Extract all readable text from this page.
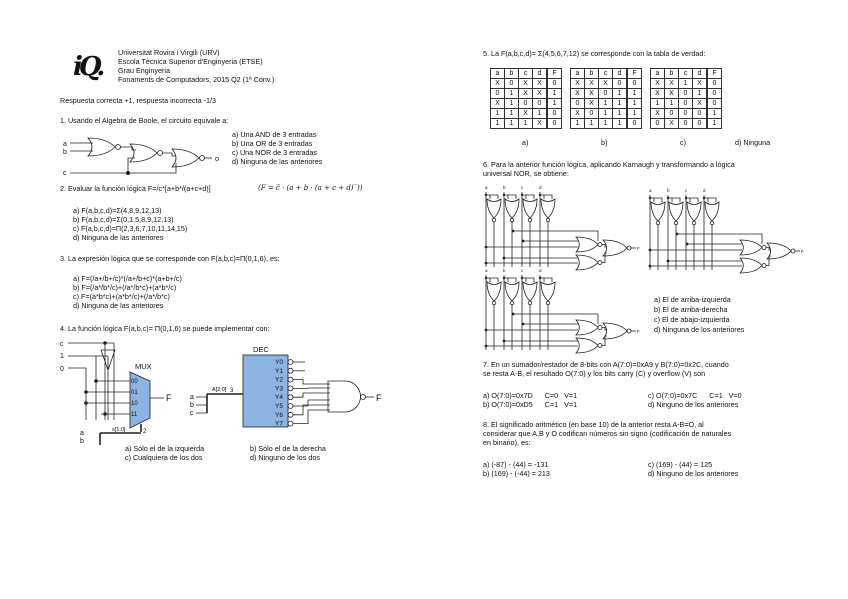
iQ. Universitat Rovira i Virgili (URV)
Escola Tècnica Superior d'Enginyeria (ETSE)
Grau Enginyeria
Fonaments de Computadors, 2015 Q2 (1ª Conv.)
Respuesta correcta +1, respuesta incorrecta -1/3
1. Usando el Algebra de Boole, el circuito equivale a:
a) Una AND de 3 entradas
b) Una OR de 3 entradas
c) Una NOR de 3 entradas
d) Ninguna de las anteriores
2. Evaluar la función lógica F=/c*[a+b*/(a+c+d)]	(F = c̄ · (a + b · (a + c + d)‾))
a) F(a,b,c,d)=Σ(4,8,9,12,13)
b) F(a,b,c,d)=Σ(0,1,5,8,9,12,13)
c) F(a,b,c,d)=Π(2,3,6,7,10,11,14,15)
d) Ninguna de las anteriores
3. La expresión lógica que se corresponde con F(a,b,c)=Π(0,1,6), es:
a) F=(/a+/b+/c)*(/a+/b+c)*(a+b+/c)
b) F=(/a*/b*/c)+(/a*/b*c)+(a*b*/c)
c) F=(a*b*c)+(a*b*/c)+(/a*/b*c)
d) Ninguna de las anteriores
4. La función lógica F(a,b,c)= Π(0,1,6) se puede implementar con:
a) Sólo el de la izquierda	b) Sólo el de la derecha
c) Cualquiera de los dos	d) Ninguno de los dos
5. La F(a,b,c,d)= Σ(4,5,6,7,12) se corresponde con la tabla de verdad:
a	b	c	d	F
X	0	X	X	0
0	1	X	X	1
X	1	0	0	1
1	1	X	1	0
1	1	1	X	0
a	b	c	d	F
X	X	X	0	0
X	X	0	1	1
0	X	1	1	1
X	0	1	1	1
1	1	1	1	0
a	b	c	d	F
X	X	1	X	0
X	X	0	1	0
1	1	0	X	0
X	0	0	0	1
0	X	0	0	1
a)	b)	c)	d) Ninguna
6. Para la anterior función lógica, aplicando Karnaugh y transformando a lógica
universal NOR, se obtiene:
a) El de arriba-izquierda
b) El de arriba-derecha
c) El de abajo-izquierda
d) Ninguna de los anteriores
7. En un sumador/restador de 8-bits con A(7:0)=0xA9 y B(7:0)=0x2C, cuando
se resta A-B, el resultado O(7:0) y los bits carry (C) y overflow (V) son
a) O(7:0)=0x7D      C=0   V=1
b) O(7:0)=0xD5      C=1   V=1
c) O(7:0)=0x7C      C=1   V=0
d) Ninguno de los anteriores
8. El significado aritmético (en base 10) de la anterior resta A-B=O, al
considerar que A,B y O codifican números sin signo (codificación de naturales
en binario), es:
a) (-87) - (44) = -131
b) (169) - (-44) = 213
c) (169) - (44) = 125
d) Ninguno de los anteriores
a
b
c
o
c
1
0	MUX
00
01
10
11
F
s[1:0]	2
a
b
DEC
Y0
Y1
Y2
Y3
Y4
Y5
Y6
Y7
A[2:0] 3
a
b
c
F
a	b	c	d
F
a	b	c	d
F
a	b	c	d
F
